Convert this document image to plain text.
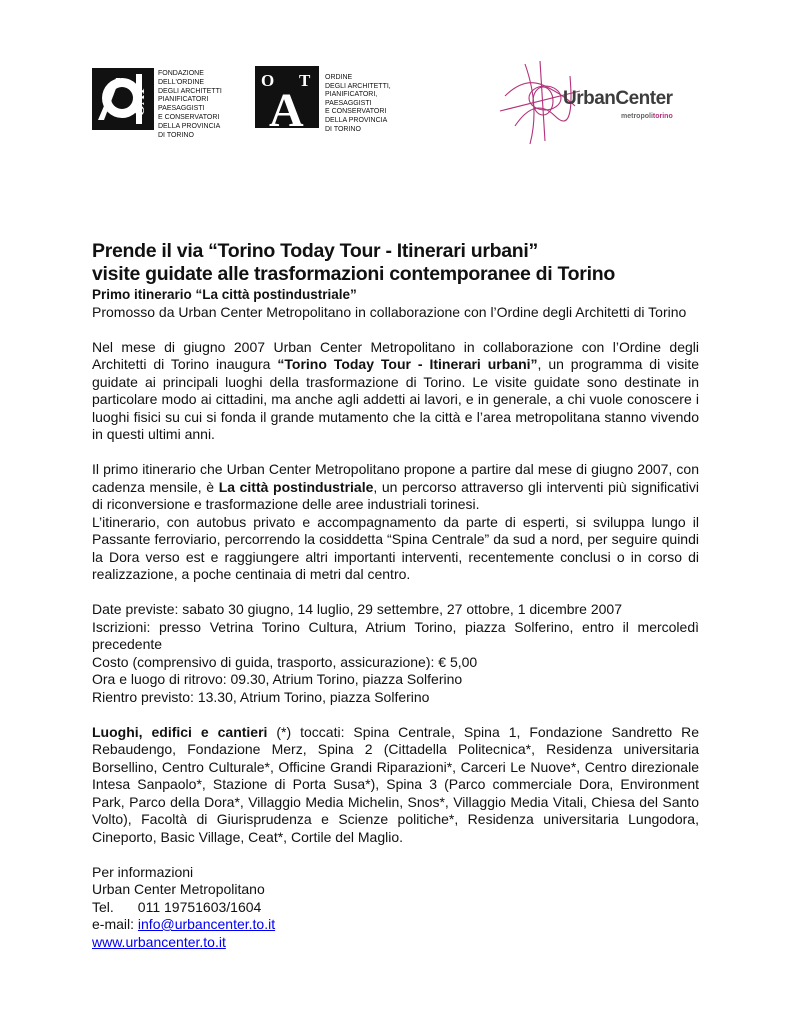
OAT
FONDAZIONE
DELL'ORDINE
DEGLI ARCHITETTI
PIANIFICATORI
PAESAGGISTI
E CONSERVATORI
DELLA PROVINCIA
DI TORINO
O T
A
ORDINE
DEGLI ARCHITETTI,
PIANIFICATORI,
PAESAGGISTI
E CONSERVATORI
DELLA PROVINCIA
DI TORINO
UrbanCenter
metropolitorino
Prende il via “Torino Today Tour - Itinerari urbani”
visite guidate alle trasformazioni contemporanee di Torino

Primo itinerario “La città postindustriale”

Promosso da Urban Center Metropolitano in collaborazione con l’Ordine degli Architetti di Torino

Nel mese di giugno 2007 Urban Center Metropolitano in collaborazione con l’Ordine degli Architetti di Torino inaugura “Torino Today Tour - Itinerari urbani”, un programma di visite guidate ai principali luoghi della trasformazione di Torino. Le visite guidate sono destinate in particolare modo ai cittadini, ma anche agli addetti ai lavori, e in generale, a chi vuole conoscere i luoghi fisici su cui si fonda il grande mutamento che la città e l’area metropolitana stanno vivendo in questi ultimi anni.

Il primo itinerario che Urban Center Metropolitano propone a partire dal mese di giugno 2007, con cadenza mensile, è La città postindustriale, un percorso attraverso gli interventi più significativi di riconversione e trasformazione delle aree industriali torinesi.

L’itinerario, con autobus privato e accompagnamento da parte di esperti, si sviluppa lungo il Passante ferroviario, percorrendo la cosiddetta “Spina Centrale” da sud a nord, per seguire quindi la Dora verso est e raggiungere altri importanti interventi, recentemente conclusi o in corso di realizzazione, a poche centinaia di metri dal centro.

Date previste: sabato 30 giugno, 14 luglio, 29 settembre, 27 ottobre, 1 dicembre 2007

Iscrizioni: presso Vetrina Torino Cultura, Atrium Torino, piazza Solferino, entro il mercoledì precedente

Costo (comprensivo di guida, trasporto, assicurazione): € 5,00

Ora e luogo di ritrovo: 09.30, Atrium Torino, piazza Solferino

Rientro previsto: 13.30, Atrium Torino, piazza Solferino

Luoghi, edifici e cantieri (*) toccati: Spina Centrale, Spina 1, Fondazione Sandretto Re Rebaudengo, Fondazione Merz, Spina 2 (Cittadella Politecnica*, Residenza universitaria Borsellino, Centro Culturale*, Officine Grandi Riparazioni*, Carceri Le Nuove*, Centro direzionale Intesa Sanpaolo*, Stazione di Porta Susa*), Spina 3 (Parco commerciale Dora, Environment Park, Parco della Dora*, Villaggio Media Michelin, Snos*, Villaggio Media Vitali, Chiesa del Santo Volto), Facoltà di Giurisprudenza e Scienze politiche*, Residenza universitaria Lungodora, Cineporto, Basic Village, Ceat*, Cortile del Maglio.

Per informazioni

Urban Center Metropolitano

Tel. 011 19751603/1604

e-mail: info@urbancenter.to.it

www.urbancenter.to.it
